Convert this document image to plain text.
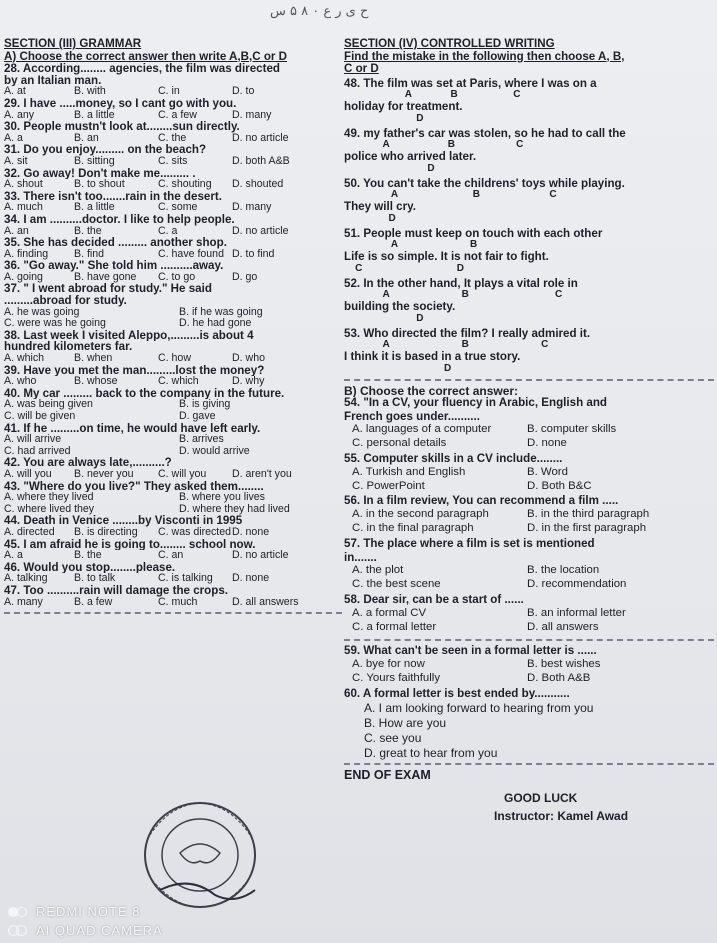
ح ی ر ع ۰ ۸ ۵ س
SECTION (III) GRAMMAR
A) Choose the correct answer then write A,B,C or D
28. According........ agencies, the film was directed
by an Italian man.
A. at	B. with	C. in	D. to
29. I have .....money, so I cant go with you.
A. any	B. a little	C. a few	D. many
30. People mustn't look at........sun directly.
A. a	B. an	C. the	D. no article
31. Do you enjoy......... on the beach?
A. sit	B. sitting	C. sits	D. both A&B
32. Go away! Don't make me......... .
A. shout	B. to shout	C. shouting	D. shouted
33. There isn't too.......rain in the desert.
A. much	B. a little	C. some	D. many
34. I am ..........doctor. I like to help people.
A. an	B. the	C. a	D. no article
35. She has decided ......... another shop.
A. finding	B. find	C. have found D. to find
36. "Go away." She told him ..........away.
A. going	B. have gone	C. to go	D. go
37. " I went abroad for study." He said
.........abroad for study.
A. he was going	B. if he was going
C. were was he going	D. he had gone
38. Last week I visited Aleppo,.........is about 4
hundred kilometers far.
A. which	B. when	C. how	D. who
39. Have you met the man.........lost the money?
A. who	B. whose	C. which	D. why
40. My car ......... back to the company in the future.
A. was being given	B. is giving
C. will be given	D. gave
41. If he .........on time, he would have left early.
A. will arrive	B. arrives
C. had arrived	D. would arrive
42. You are always late,..........?
A. will you	B. never you	C. will you	D. aren't you
43. "Where do you live?" They asked them........
A. where they lived	B. where you lives
C. where lived they	D. where they had lived
44. Death in Venice ........by Visconti in 1995
A. directed	B. is directing	C. was directed D. none
45. I am afraid he is going to........ school now.
A. a	B. the	C. an	D. no article
46. Would you stop........please.
A. talking	B. to talk	C. is talking	D. none
47. Too ..........rain will damage the crops.
A. many	B. a few	C. much	D. all answers
SECTION (IV) CONTROLLED WRITING
Find the mistake in the following then choose A, B,
C or D
48. The film was set at Paris, where I was on a
A              B                    C
holiday for treatment.
D
49. my father's car was stolen, so he had to call the
A                     B                      C
police who arrived later.
D
50. You can't take the childrens' toys while playing.
A                           B                         C
They will cry.
D
51. People must keep on touch with each other
A                          B
Life is so simple. It is not fair to fight.
C                                  D
52. In the other hand, It plays a vital role in
A                          B                               C
building the society.
D
53. Who directed the film? I really admired it.
A                          B                          C
I think it is based in a true story.
D
B) Choose the correct answer:
54. "In a CV, your fluency in Arabic, English and
French goes under..........
A. languages of a computer	B. computer skills
C. personal details	D. none
55. Computer skills in a CV include........
A. Turkish and English	B. Word
C. PowerPoint	D. Both B&C
56. In a film review, You can recommend a film .....
A. in the second paragraph	B. in the third paragraph
C. in the final paragraph	D. in the first paragraph
57. The place where a film is set is mentioned
in.......
A. the plot	B. the location
C. the best scene	D. recommendation
58. Dear sir, can be a start of ......
A. a formal CV	B. an informal letter
C. a formal letter	D. all answers
59. What can't be seen in a formal letter is ......
A. bye for now	B. best wishes
C. Yours faithfully	D. Both A&B
60. A formal letter is best ended by...........
A. I am looking forward to hearing from you
B. How are you
C. see you
D. great to hear from you
END OF EXAM
GOOD LUCK
Instructor: Kamel Awad
REDMI NOTE 8
AI QUAD CAMERA
